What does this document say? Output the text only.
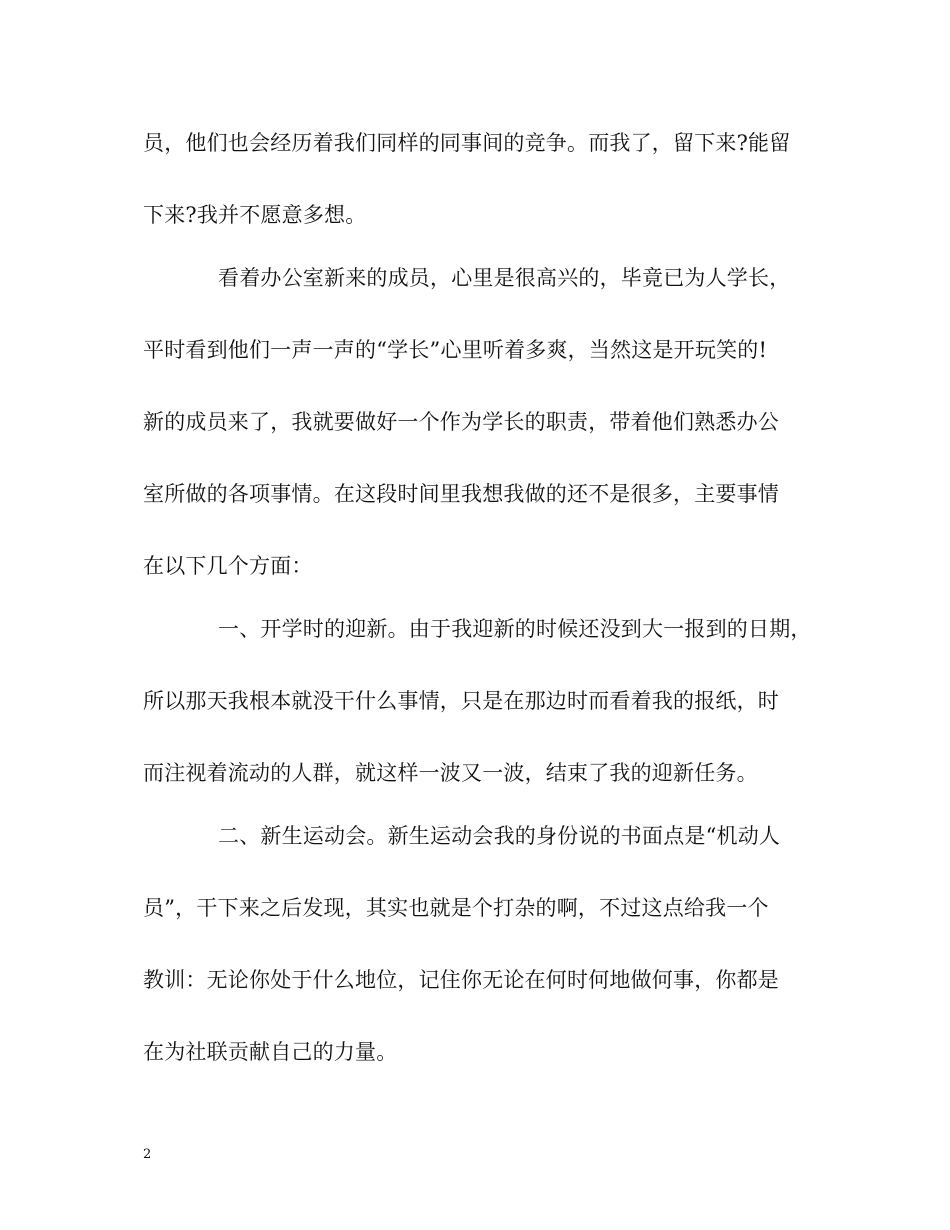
员，他们也会经历着我们同样的同事间的竞争。而我了，留下来?能留
下来?我并不愿意多想。
看着办公室新来的成员，心里是很高兴的，毕竟已为人学长，
平时看到他们一声一声的“学长”心里听着多爽，当然这是开玩笑的!
新的成员来了，我就要做好一个作为学长的职责，带着他们熟悉办公
室所做的各项事情。在这段时间里我想我做的还不是很多，主要事情
在以下几个方面：
一、开学时的迎新。由于我迎新的时候还没到大一报到的日期，
所以那天我根本就没干什么事情，只是在那边时而看着我的报纸，时
而注视着流动的人群，就这样一波又一波，结束了我的迎新任务。
二、新生运动会。新生运动会我的身份说的书面点是“机动人
员”，干下来之后发现，其实也就是个打杂的啊，不过这点给我一个
教训：无论你处于什么地位，记住你无论在何时何地做何事，你都是
在为社联贡献自己的力量。
2
